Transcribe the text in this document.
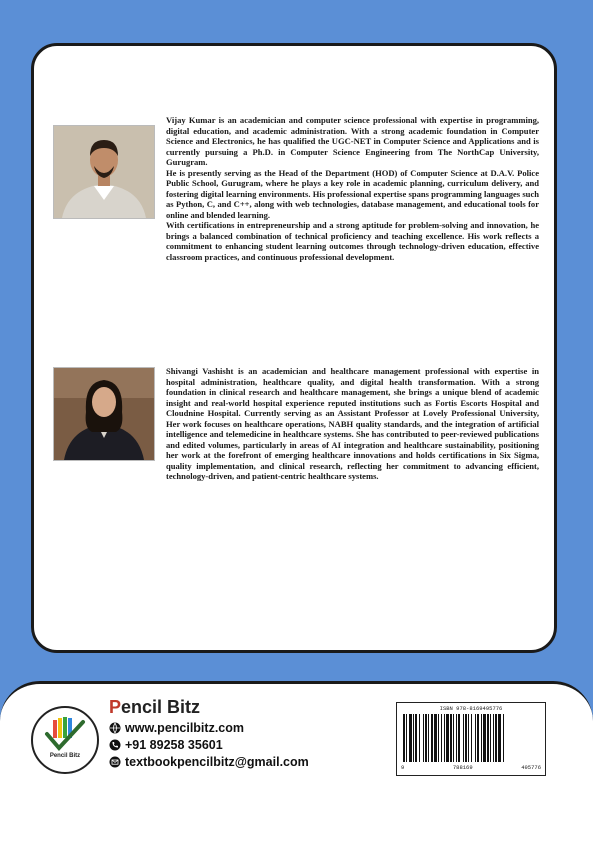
Vijay Kumar is an academician and computer science professional with expertise in programming, digital education, and academic administration. With a strong academic foundation in Computer Science and Electronics, he has qualified the UGC-NET in Computer Science and Applications and is currently pursuing a Ph.D. in Computer Science Engineering from The NorthCap University, Gurugram.

He is presently serving as the Head of the Department (HOD) of Computer Science at D.A.V. Police Public School, Gurugram, where he plays a key role in academic planning, curriculum delivery, and fostering digital learning environments. His professional expertise spans programming languages such as Python, C, and C++, along with web technologies, database management, and educational tools for online and blended learning.

With certifications in entrepreneurship and a strong aptitude for problem-solving and innovation, he brings a balanced combination of technical proficiency and teaching excellence. His work reflects a commitment to enhancing student learning outcomes through technology-driven education, effective classroom practices, and continuous professional development.

Shivangi Vashisht is an academician and healthcare management professional with expertise in hospital administration, healthcare quality, and digital health transformation. With a strong foundation in clinical research and healthcare management, she brings a unique blend of academic insight and real-world hospital experience reputed institutions such as Fortis Escorts Hospital and Cloudnine Hospital. Currently serving as an Assistant Professor at Lovely Professional University, Her work focuses on healthcare operations, NABH quality standards, and the integration of artificial intelligence and telemedicine in healthcare systems. She has contributed to peer-reviewed publications and edited volumes, particularly in areas of AI integration and healthcare sustainability, positioning her work at the forefront of emerging healthcare innovations and holds certifications in Six Sigma, quality implementation, and clinical research, reflecting her commitment to advancing efficient, technology-driven, and patient-centric healthcare systems.

Pencil Bitz

Pencil Bitz

www.pencilbitz.com
+91 89258 35601
textbookpencilbitz@gmail.com
ISBN 978-8169495776
9	788169	495776
